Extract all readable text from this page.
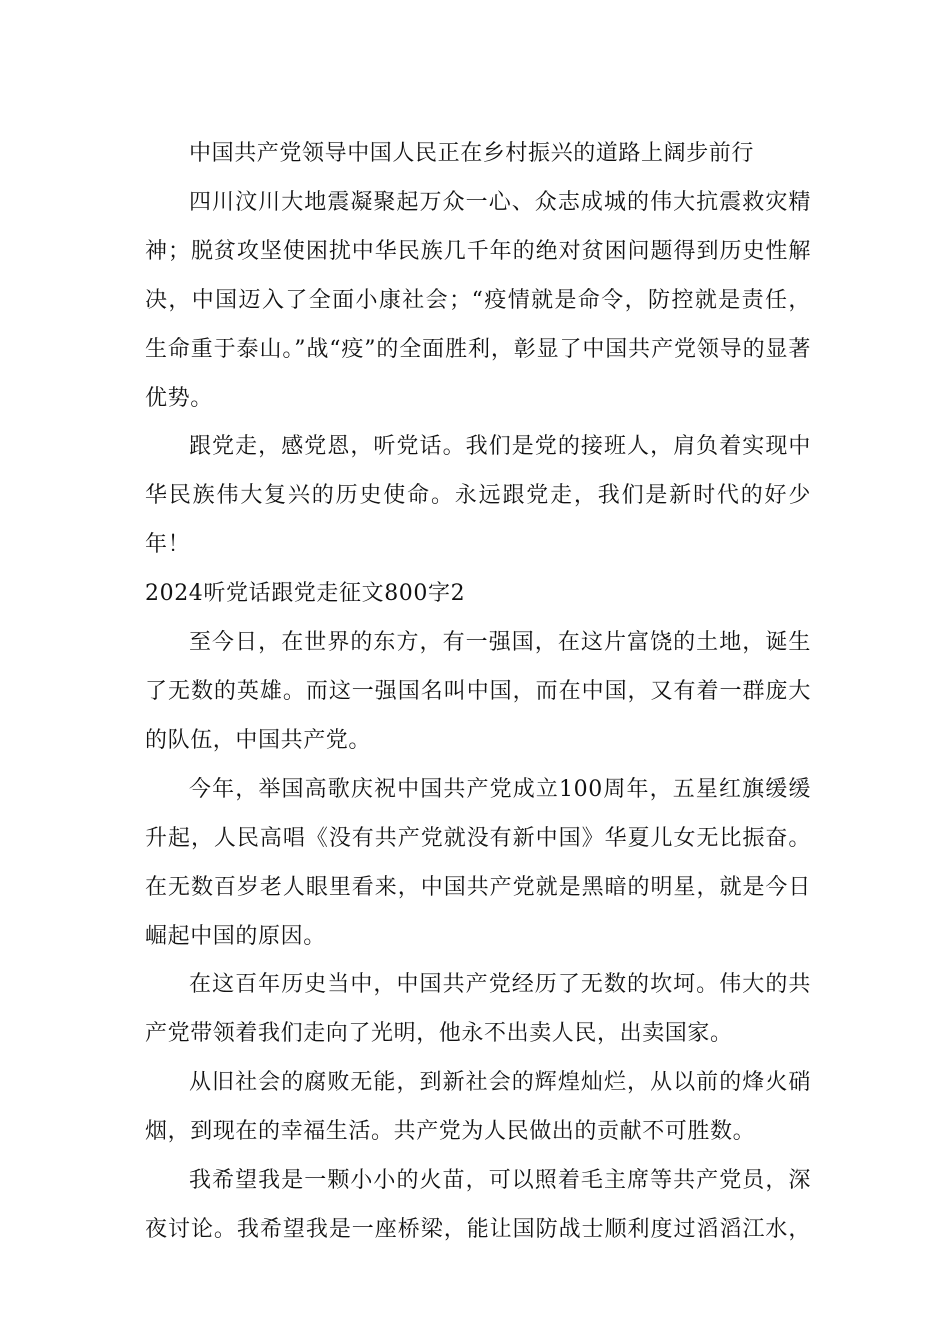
中国共产党领导中国人民正在乡村振兴的道路上阔步前行

四川汶川大地震凝聚起万众一心、众志成城的伟大抗震救灾精神；脱贫攻坚使困扰中华民族几千年的绝对贫困问题得到历史性解决，中国迈入了全面小康社会；“疫情就是命令，防控就是责任，生命重于泰山。”战“疫”的全面胜利，彰显了中国共产党领导的显著优势。

跟党走，感党恩，听党话。我们是党的接班人，肩负着实现中华民族伟大复兴的历史使命。永远跟党走，我们是新时代的好少年！

2024听党话跟党走征文800字2

至今日，在世界的东方，有一强国，在这片富饶的土地，诞生了无数的英雄。而这一强国名叫中国，而在中国，又有着一群庞大的队伍，中国共产党。

今年，举国高歌庆祝中国共产党成立100周年，五星红旗缓缓升起，人民高唱《没有共产党就没有新中国》华夏儿女无比振奋。在无数百岁老人眼里看来，中国共产党就是黑暗的明星，就是今日崛起中国的原因。

在这百年历史当中，中国共产党经历了无数的坎坷。伟大的共产党带领着我们走向了光明，他永不出卖人民，出卖国家。

从旧社会的腐败无能，到新社会的辉煌灿烂，从以前的烽火硝烟，到现在的幸福生活。共产党为人民做出的贡献不可胜数。

我希望我是一颗小小的火苗，可以照着毛主席等共产党员，深夜讨论。我希望我是一座桥梁，能让国防战士顺利度过滔滔江水，
